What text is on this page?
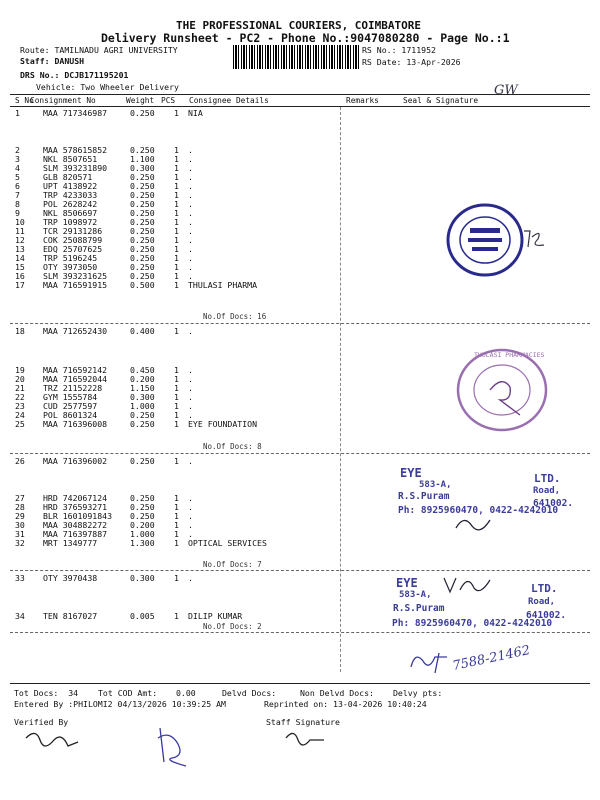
THE PROFESSIONAL COURIERS, COIMBATORE
Delivery Runsheet - PC2 - Phone No.:9047080280 - Page No.:1
Route: TAMILNADU AGRI UNIVERSITY
Staff: DANUSH
DRS No.: DCJB171195201
Vehicle: Two Wheeler Delivery
RS No.: 1711952
RS Date: 13-Apr-2026
GW
S No
Consignment No	Weight PCS Consignee Details	Remarks	Seal & Signature
1	MAA 717346987	0.250 1 NIA
2	MAA 578615852	0.250 1 .
3	NKL 8507651	1.100 1 .
4	SLM 393231890	0.300 1 .
5	GLB 820571	0.250 1 .
6	UPT 4138922	0.250 1 .
7	TRP 4233033	0.250 1 .
8	POL 2628242	0.250 1 .
9	NKL 8506697	0.250 1 .
10 TRP 1098972	0.250 1 .
11 TCR 29131286	0.250 1 .
12 COK 25088799	0.250 1 .
13 EDQ 25707625	0.250 1 .
14 TRP 5196245	0.250 1 .
15 OTY 3973050	0.250 1 .
16 SLM 393231625	0.250 1 .
17 MAA 716591915	0.500 1 THULASI PHARMA
18 MAA 712652430	0.400 1 .
19 MAA 716592142	0.450 1 .
20 MAA 716592044	0.200 1 .
21 TRZ 21152228	1.150 1 .
22 GYM 1555784	0.300 1 .
23 CUD 2577597	1.000 1 .
24 POL 8601324	0.250 1 .
25 MAA 716396008	0.250 1 EYE FOUNDATION
26 MAA 716396002	0.250 1 .
27 HRD 742067124	0.250 1 .
28 HRD 376593271	0.250 1 .
29 BLR 1601091843 0.250 1 .
30 MAA 304882272	0.200 1 .
31 MAA 716397887	1.000 1 .
32 MRT 1349777	1.300 1 OPTICAL SERVICES
33 OTY 3970438	0.300 1 .
34 TEN 8167027	0.005 1 DILIP KUMAR
No.Of Docs: 16
No.Of Docs: 8
No.Of Docs: 7
No.Of Docs: 2
THULASI PHARMACIES
EYE	LTD.
583-A,
Road,
R.S.Puram
641002.
Ph: 8925960470, 0422-4242010
EYE	LTD.
583-A,
Road,
R.S.Puram
641002.
Ph: 8925960470, 0422-4242010
7588-21462
Tot Docs:  34 Tot COD Amt: 0.00	Delvd Docs:	Non Delvd Docs: Delvy pts:
Entered By :PHILOMI2 04/13/2026 10:39:25 AM	Reprinted on: 13-04-2026 10:40:24
Verified By	Staff Signature
